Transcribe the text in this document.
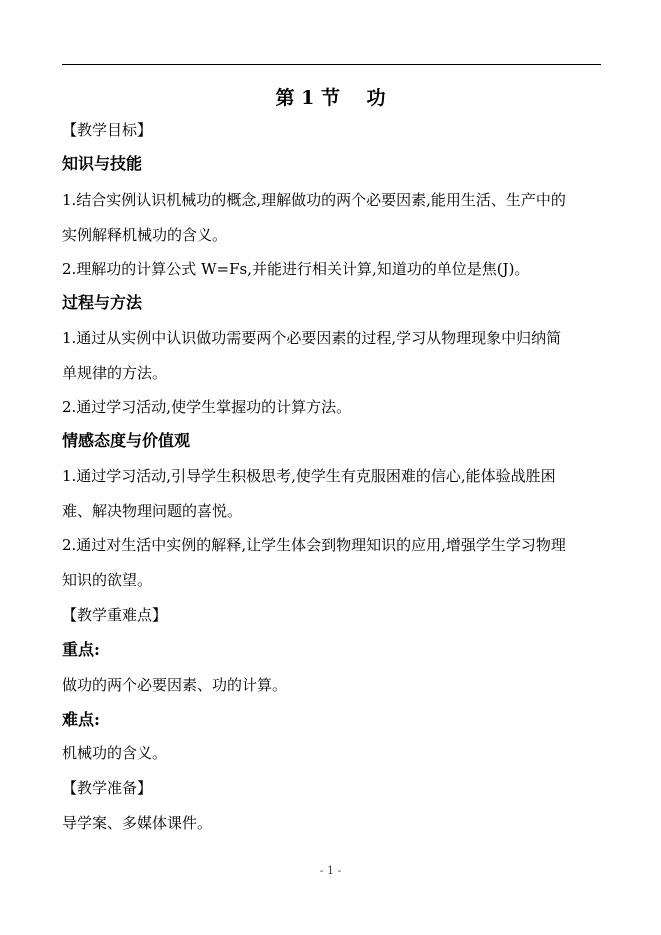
第 1 节    功
【教学目标】
知识与技能
1.结合实例认识机械功的概念,理解做功的两个必要因素,能用生活、生产中的
实例解释机械功的含义。
2.理解功的计算公式 W=Fs,并能进行相关计算,知道功的单位是焦(J)。
过程与方法
1.通过从实例中认识做功需要两个必要因素的过程,学习从物理现象中归纳简
单规律的方法。
2.通过学习活动,使学生掌握功的计算方法。
情感态度与价值观
1.通过学习活动,引导学生积极思考,使学生有克服困难的信心,能体验战胜困
难、解决物理问题的喜悦。
2.通过对生活中实例的解释,让学生体会到物理知识的应用,增强学生学习物理
知识的欲望。
【教学重难点】
重点:
做功的两个必要因素、功的计算。
难点:
机械功的含义。
【教学准备】
导学案、多媒体课件。
- 1 -
